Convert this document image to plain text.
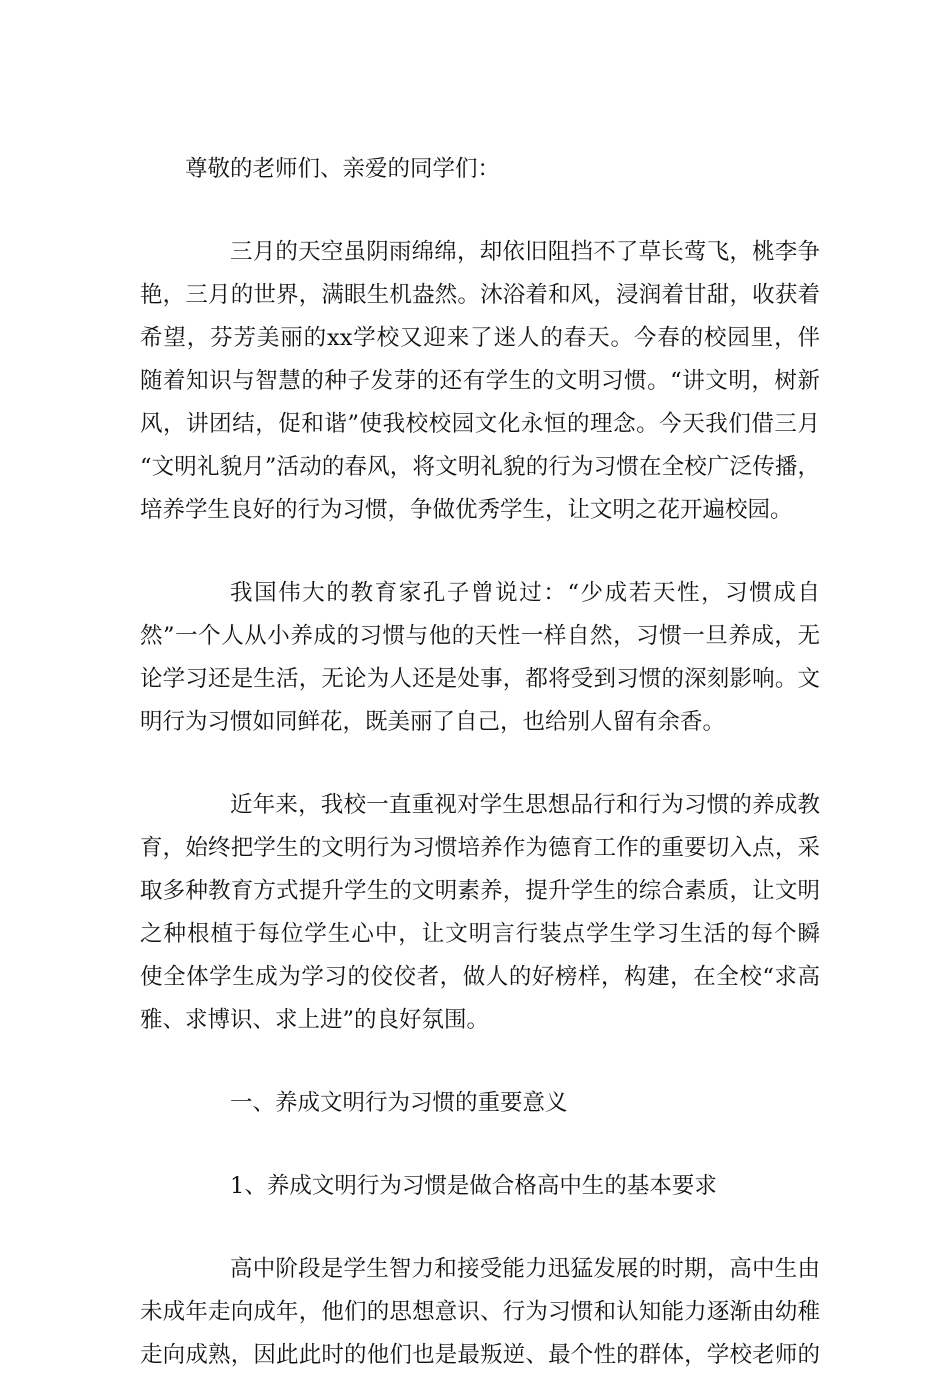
尊敬的老师们、亲爱的同学们：
三月的天空虽阴雨绵绵，却依旧阻挡不了草长莺飞，桃李争
艳，三月的世界，满眼生机盎然。沐浴着和风，浸润着甘甜，收获着
希望，芬芳美丽的xx学校又迎来了迷人的春天。今春的校园里，伴
随着知识与智慧的种子发芽的还有学生的文明习惯。“讲文明，树新
风，讲团结，促和谐”使我校校园文化永恒的理念。今天我们借三月
“文明礼貌月”活动的春风，将文明礼貌的行为习惯在全校广泛传播，
培养学生良好的行为习惯，争做优秀学生，让文明之花开遍校园。
我国伟大的教育家孔子曾说过：“少成若天性，习惯成自
然”一个人从小养成的习惯与他的天性一样自然，习惯一旦养成，无
论学习还是生活，无论为人还是处事，都将受到习惯的深刻影响。文
明行为习惯如同鲜花，既美丽了自己，也给别人留有余香。
近年来，我校一直重视对学生思想品行和行为习惯的养成教
育，始终把学生的文明行为习惯培养作为德育工作的重要切入点，采
取多种教育方式提升学生的文明素养，提升学生的综合素质，让文明
之种根植于每位学生心中，让文明言行装点学生学习生活的每个瞬
使全体学生成为学习的佼佼者，做人的好榜样，构建，在全校“求高
雅、求博识、求上进”的良好氛围。
一、养成文明行为习惯的重要意义
1、养成文明行为习惯是做合格高中生的基本要求
高中阶段是学生智力和接受能力迅猛发展的时期，高中生由
未成年走向成年，他们的思想意识、行为习惯和认知能力逐渐由幼稚
走向成熟，因此此时的他们也是最叛逆、最个性的群体，学校老师的
